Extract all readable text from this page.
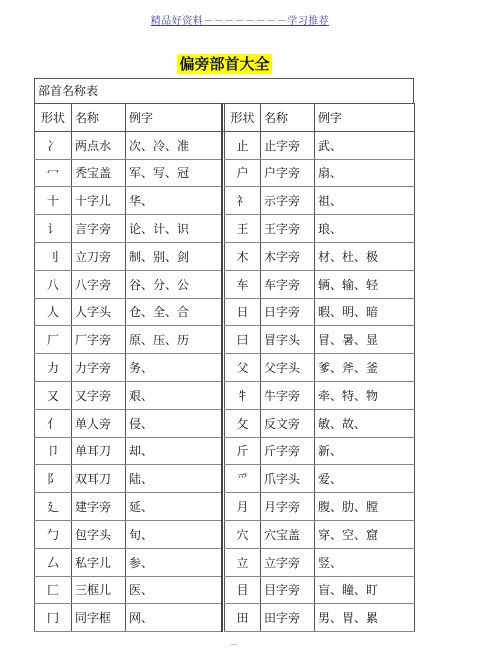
精品好资料－－－－－－－－学习推荐
偏旁部首大全
部首名称表
形状	名称	例字		形状	名称	例字
冫	两点水	次、冷、准		止	止字旁	武、
冖	秃宝盖	军、写、冠		户	户字旁	扇、
十	十字儿	华、		礻	示字旁	祖、
讠	言字旁	论、计、识		王	王字旁	琅、
刂	立刀旁	制、别、剑		木	木字旁	材、杜、极
八	八字旁	谷、分、公		车	车字旁	辆、输、轻
人	人字头	仓、全、合		日	日字旁	暇、明、暗
厂	厂字旁	原、压、历		曰	冒字头	冒、暑、显
力	力字旁	务、		父	父字头	爹、斧、釜
又	又字旁	艰、		牜	牛字旁	牵、特、物
亻	单人旁	侵、		攵	反文旁	敏、故、
卩	单耳刀	却、		斤	斤字旁	新、
阝	双耳刀	陆、		爫	爪字头	爱、
廴	建字旁	延、		月	月字旁	腹、肋、膛
勹	包字头	旬、		穴	穴宝盖	穿、空、窟
厶	私字儿	参、		立	立字旁	竖、
匚	三框儿	医、		目	目字旁	盲、瞳、盯
冂	同字框	网、		田	田字旁	男、胃、累
—
